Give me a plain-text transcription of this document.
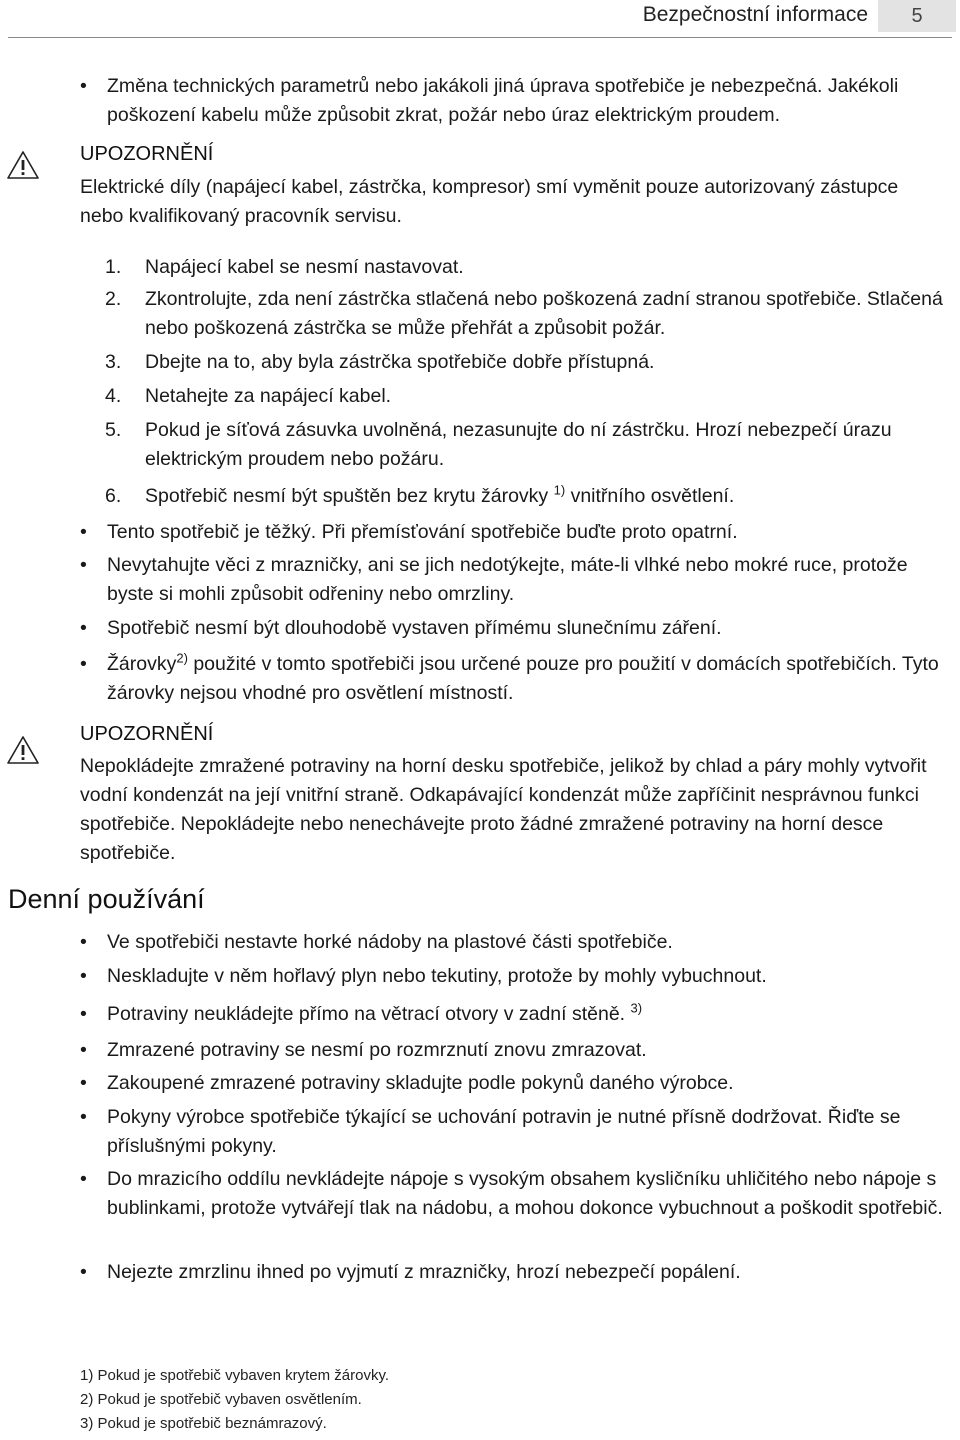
Bezpečnostní informace	5
• Změna technických parametrů nebo jakákoli jiná úprava spotřebiče je nebezpečná. Jakékoli poškození kabelu může způsobit zkrat, požár nebo úraz elektrickým proudem.
UPOZORNĚNÍ
Elektrické díly (napájecí kabel, zástrčka, kompresor) smí vyměnit pouze autorizovaný zástupce nebo kvalifikovaný pracovník servisu.
1. Napájecí kabel se nesmí nastavovat.
2. Zkontrolujte, zda není zástrčka stlačená nebo poškozená zadní stranou spotřebiče. Stlačená nebo poškozená zástrčka se může přehřát a způsobit požár.
3. Dbejte na to, aby byla zástrčka spotřebiče dobře přístupná.
4. Netahejte za napájecí kabel.
5. Pokud je síťová zásuvka uvolněná, nezasunujte do ní zástrčku. Hrozí nebezpečí úrazu elektrickým proudem nebo požáru.
6. Spotřebič nesmí být spuštěn bez krytu žárovky $^{1)}$ vnitřního osvětlení.
• Tento spotřebič je těžký. Při přemísťování spotřebiče buďte proto opatrní.
• Nevytahujte věci z mrazničky, ani se jich nedotýkejte, máte-li vlhké nebo mokré ruce, protože byste si mohli způsobit odřeniny nebo omrzliny.
• Spotřebič nesmí být dlouhodobě vystaven přímému slunečnímu záření.
• Žárovky$^{2)}$ použité v tomto spotřebiči jsou určené pouze pro použití v domácích spotřebičích. Tyto žárovky nejsou vhodné pro osvětlení místností.
UPOZORNĚNÍ
Nepokládejte zmražené potraviny na horní desku spotřebiče, jelikož by chlad a páry mohly vytvořit vodní kondenzát na její vnitřní straně. Odkapávající kondenzát může zapříčinit nesprávnou funkci spotřebiče. Nepokládejte nebo nenechávejte proto žádné zmražené potraviny na horní desce spotřebiče.
Denní používání
• Ve spotřebiči nestavte horké nádoby na plastové části spotřebiče.
• Neskladujte v něm hořlavý plyn nebo tekutiny, protože by mohly vybuchnout.
• Potraviny neukládejte přímo na větrací otvory v zadní stěně. $^{3)}$
• Zmrazené potraviny se nesmí po rozmrznutí znovu zmrazovat.
• Zakoupené zmrazené potraviny skladujte podle pokynů daného výrobce.
• Pokyny výrobce spotřebiče týkající se uchování potravin je nutné přísně dodržovat. Řiďte se příslušnými pokyny.
• Do mrazicího oddílu nevkládejte nápoje s vysokým obsahem kysličníku uhličitého nebo nápoje s bublinkami, protože vytvářejí tlak na nádobu, a mohou dokonce vybuchnout a poškodit spotřebič.
• Nejezte zmrzlinu ihned po vyjmutí z mrazničky, hrozí nebezpečí popálení.
1) Pokud je spotřebič vybaven krytem žárovky.
2) Pokud je spotřebič vybaven osvětlením.
3) Pokud je spotřebič beznámrazový.
